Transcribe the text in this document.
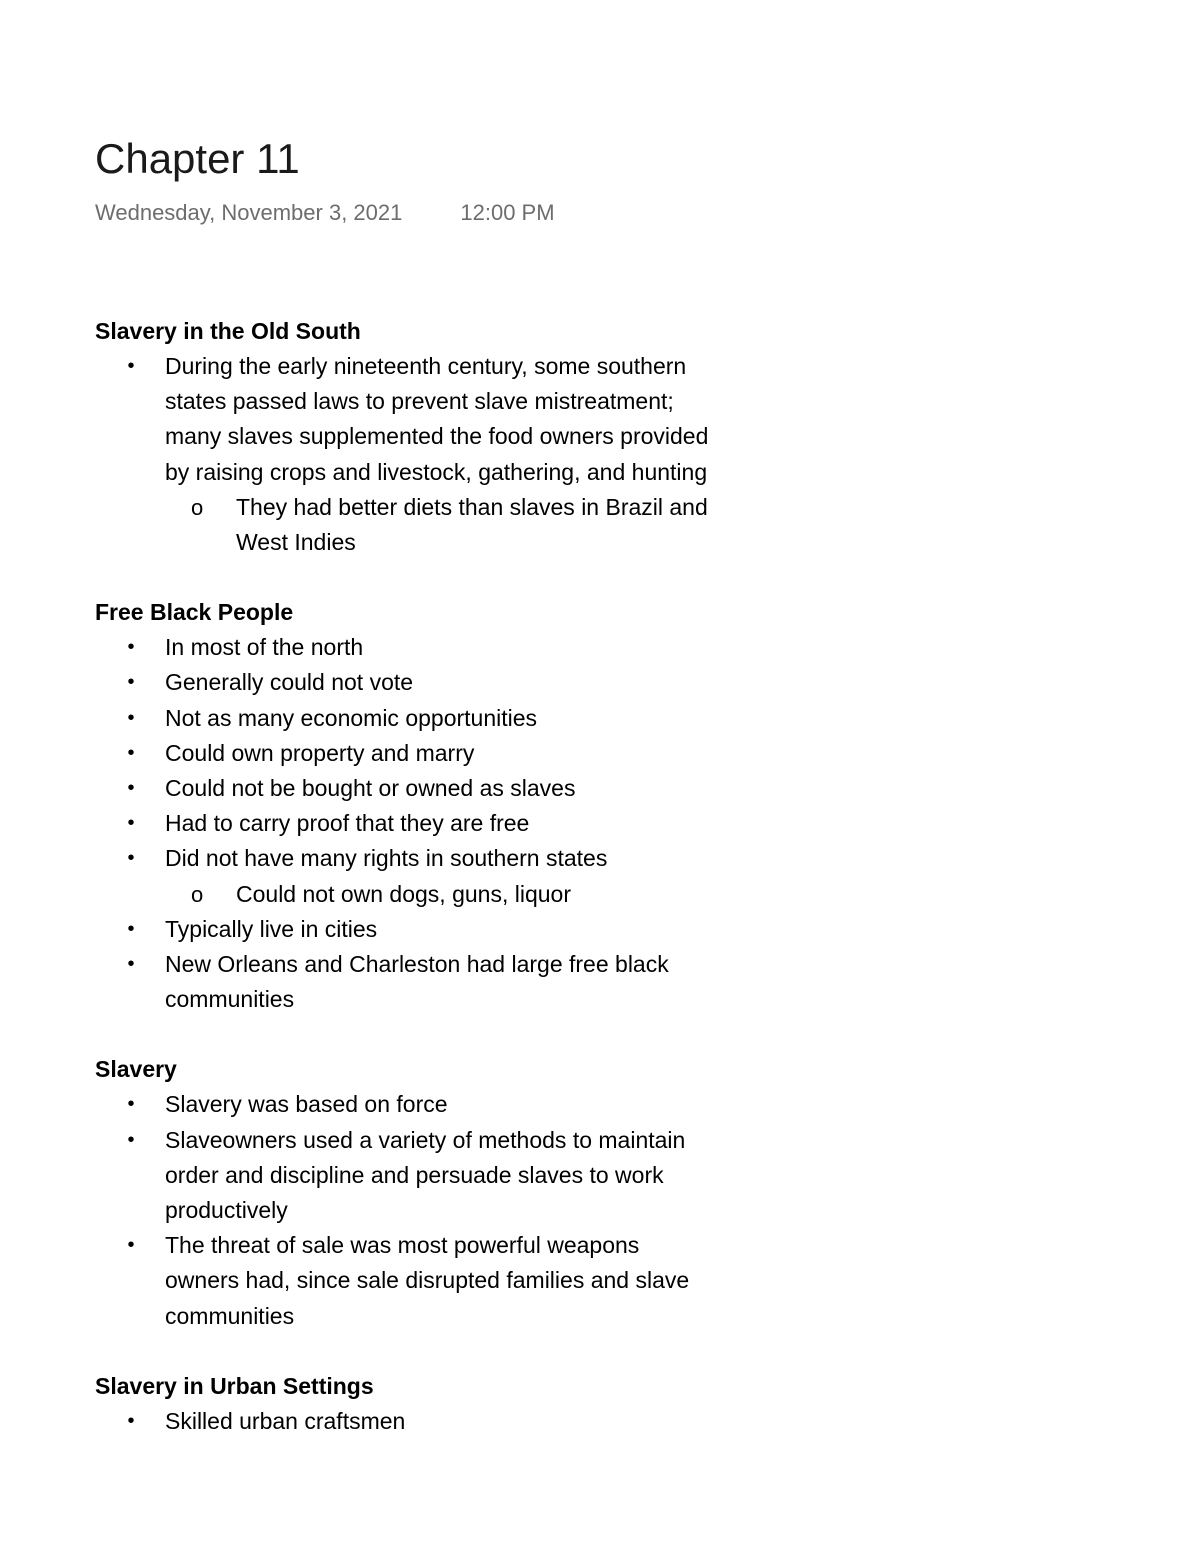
Chapter 11
Wednesday, November 3, 2021	12:00 PM
Slavery in the Old South
• During the early nineteenth century, some southern
states passed laws to prevent slave mistreatment;
many slaves supplemented the food owners provided
by raising crops and livestock, gathering, and hunting
o They had better diets than slaves in Brazil and
West Indies
Free Black People
• In most of the north
• Generally could not vote
• Not as many economic opportunities
• Could own property and marry
• Could not be bought or owned as slaves
• Had to carry proof that they are free
• Did not have many rights in southern states
o Could not own dogs, guns, liquor
• Typically live in cities
• New Orleans and Charleston had large free black
communities
Slavery
• Slavery was based on force
• Slaveowners used a variety of methods to maintain
order and discipline and persuade slaves to work
productively
• The threat of sale was most powerful weapons
owners had, since sale disrupted families and slave
communities
Slavery in Urban Settings
• Skilled urban craftsmen
